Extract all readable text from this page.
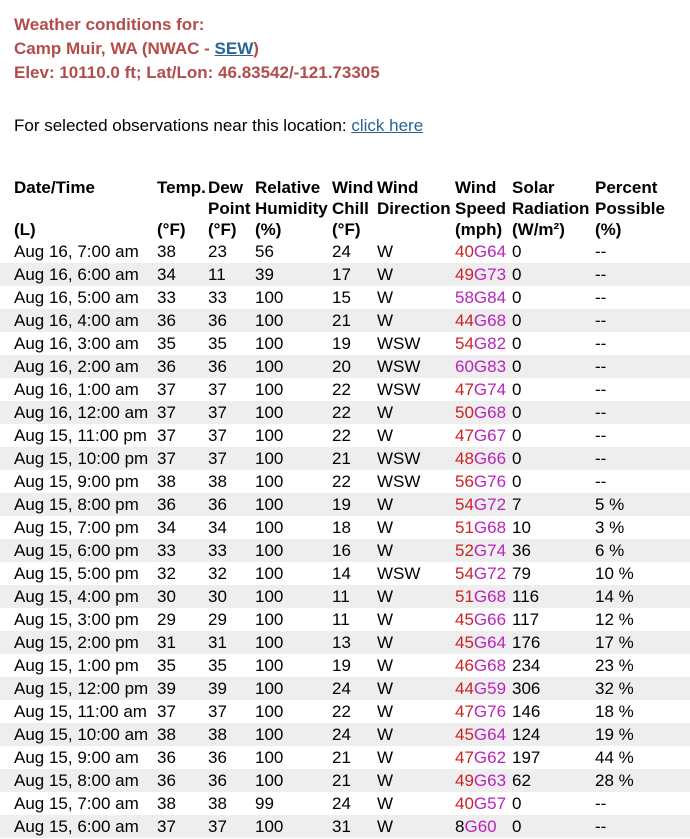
Weather conditions for:
Camp Muir, WA (NWAC - SEW)
Elev: 10110.0 ft; Lat/Lon: 46.83542/-121.73305
For selected observations near this location: click here
Date/Time

(L)

Temp.

(°F)

Dew
Point
(°F)

Relative
Humidity
(%)

Wind
Chill
(°F)

Wind
Direction

Wind
Speed
(mph)

Solar
Radiation
(W/m²)

Percent
Possible
(%)

Aug 16, 7:00 am	38	23	56	24	W	40G64	0	--
Aug 16, 6:00 am	34	11	39	17	W	49G73	0	--
Aug 16, 5:00 am	33	33	100	15	W	58G84	0	--
Aug 16, 4:00 am	36	36	100	21	W	44G68	0	--
Aug 16, 3:00 am	35	35	100	19	WSW	54G82	0	--
Aug 16, 2:00 am	36	36	100	20	WSW	60G83	0	--
Aug 16, 1:00 am	37	37	100	22	WSW	47G74	0	--
Aug 16, 12:00 am	37	37	100	22	W	50G68	0	--
Aug 15, 11:00 pm	37	37	100	22	W	47G67	0	--
Aug 15, 10:00 pm	37	37	100	21	WSW	48G66	0	--
Aug 15, 9:00 pm	38	38	100	22	WSW	56G76	0	--
Aug 15, 8:00 pm	36	36	100	19	W	54G72	7	5 %
Aug 15, 7:00 pm	34	34	100	18	W	51G68	10	3 %
Aug 15, 6:00 pm	33	33	100	16	W	52G74	36	6 %
Aug 15, 5:00 pm	32	32	100	14	WSW	54G72	79	10 %
Aug 15, 4:00 pm	30	30	100	11	W	51G68	116	14 %
Aug 15, 3:00 pm	29	29	100	11	W	45G66	117	12 %
Aug 15, 2:00 pm	31	31	100	13	W	45G64	176	17 %
Aug 15, 1:00 pm	35	35	100	19	W	46G68	234	23 %
Aug 15, 12:00 pm	39	39	100	24	W	44G59	306	32 %
Aug 15, 11:00 am	37	37	100	22	W	47G76	146	18 %
Aug 15, 10:00 am	38	38	100	24	W	45G64	124	19 %
Aug 15, 9:00 am	36	36	100	21	W	47G62	197	44 %
Aug 15, 8:00 am	36	36	100	21	W	49G63	62	28 %
Aug 15, 7:00 am	38	38	99	24	W	40G57	0	--
Aug 15, 6:00 am	37	37	100	31	W	8G60	0	--
